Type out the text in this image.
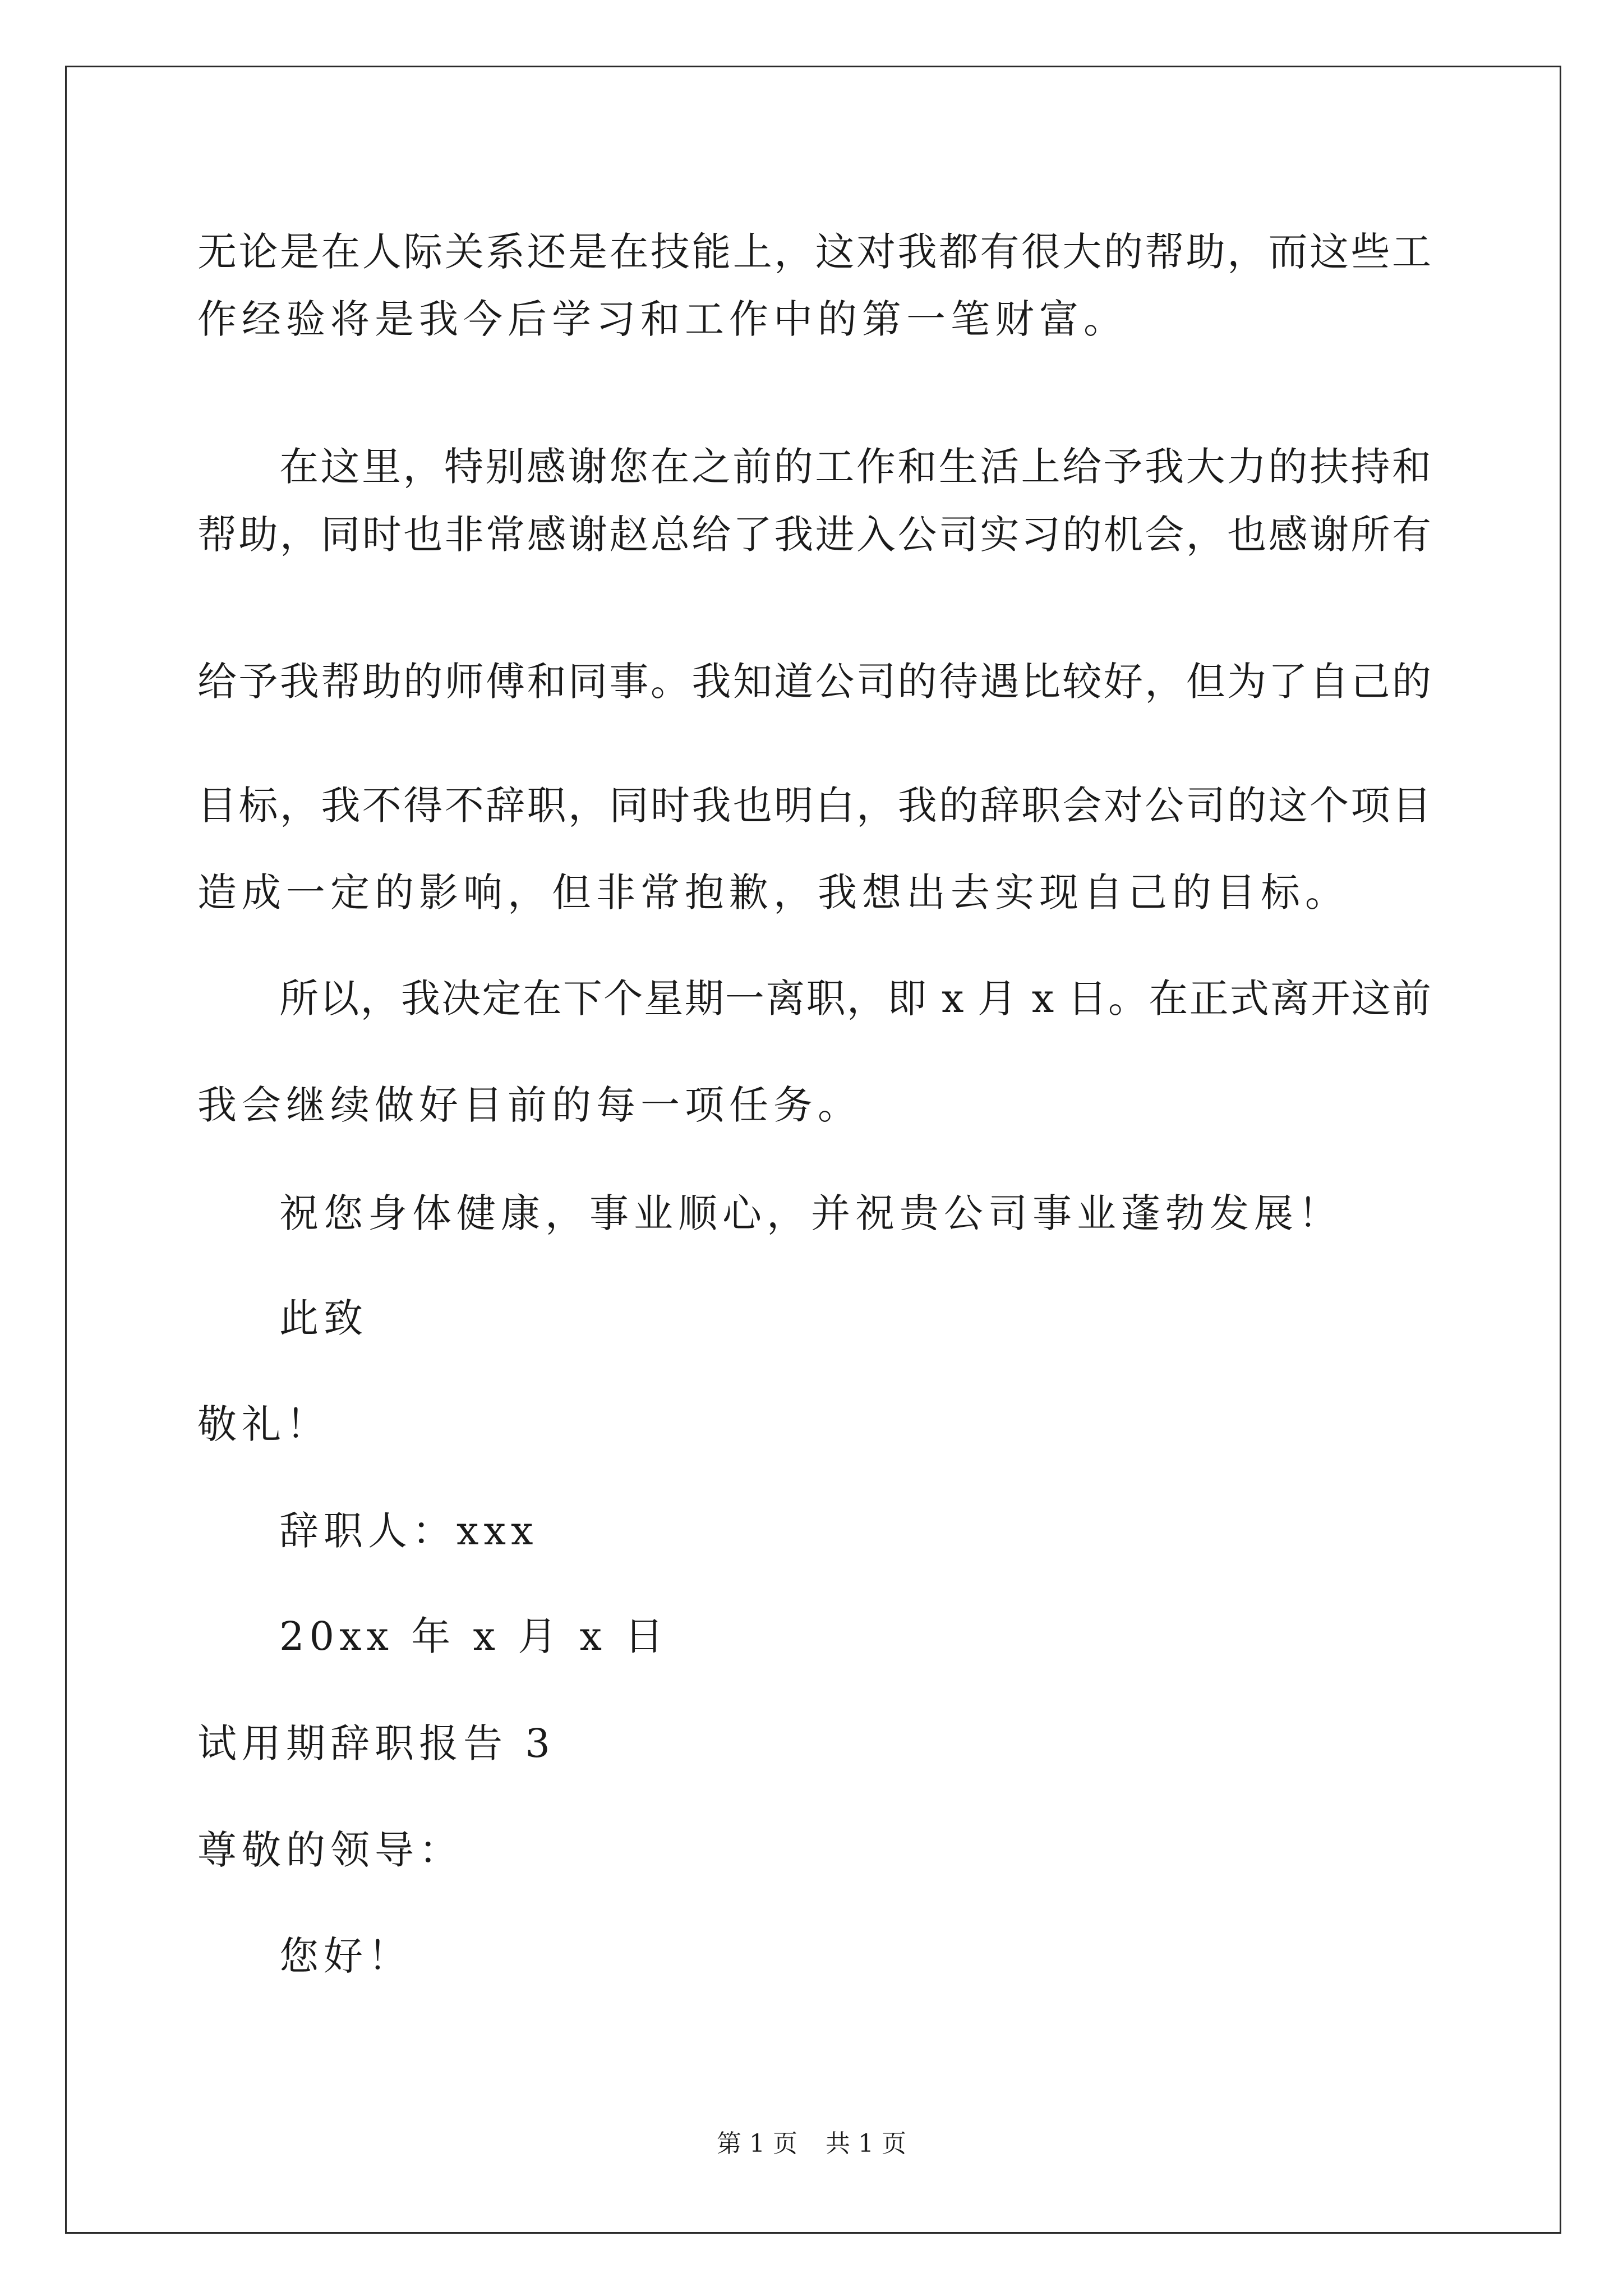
无论是在人际关系还是在技能上，这对我都有很大的帮助，而这些工
作经验将是我今后学习和工作中的第一笔财富。
在这里，特别感谢您在之前的工作和生活上给予我大力的扶持和
帮助，同时也非常感谢赵总给了我进入公司实习的机会，也感谢所有
给予我帮助的师傅和同事。我知道公司的待遇比较好，但为了自己的
目标，我不得不辞职，同时我也明白，我的辞职会对公司的这个项目
造成一定的影响，但非常抱歉，我想出去实现自己的目标。
所以，我决定在下个星期一离职，即 x 月 x 日。在正式离开这前
我会继续做好目前的每一项任务。
祝您身体健康，事业顺心，并祝贵公司事业蓬勃发展！
此致
敬礼！
辞职人：xxx
20xx 年 x 月 x 日
试用期辞职报告 3
尊敬的领导：
您好！
第 1 页 共 1 页
